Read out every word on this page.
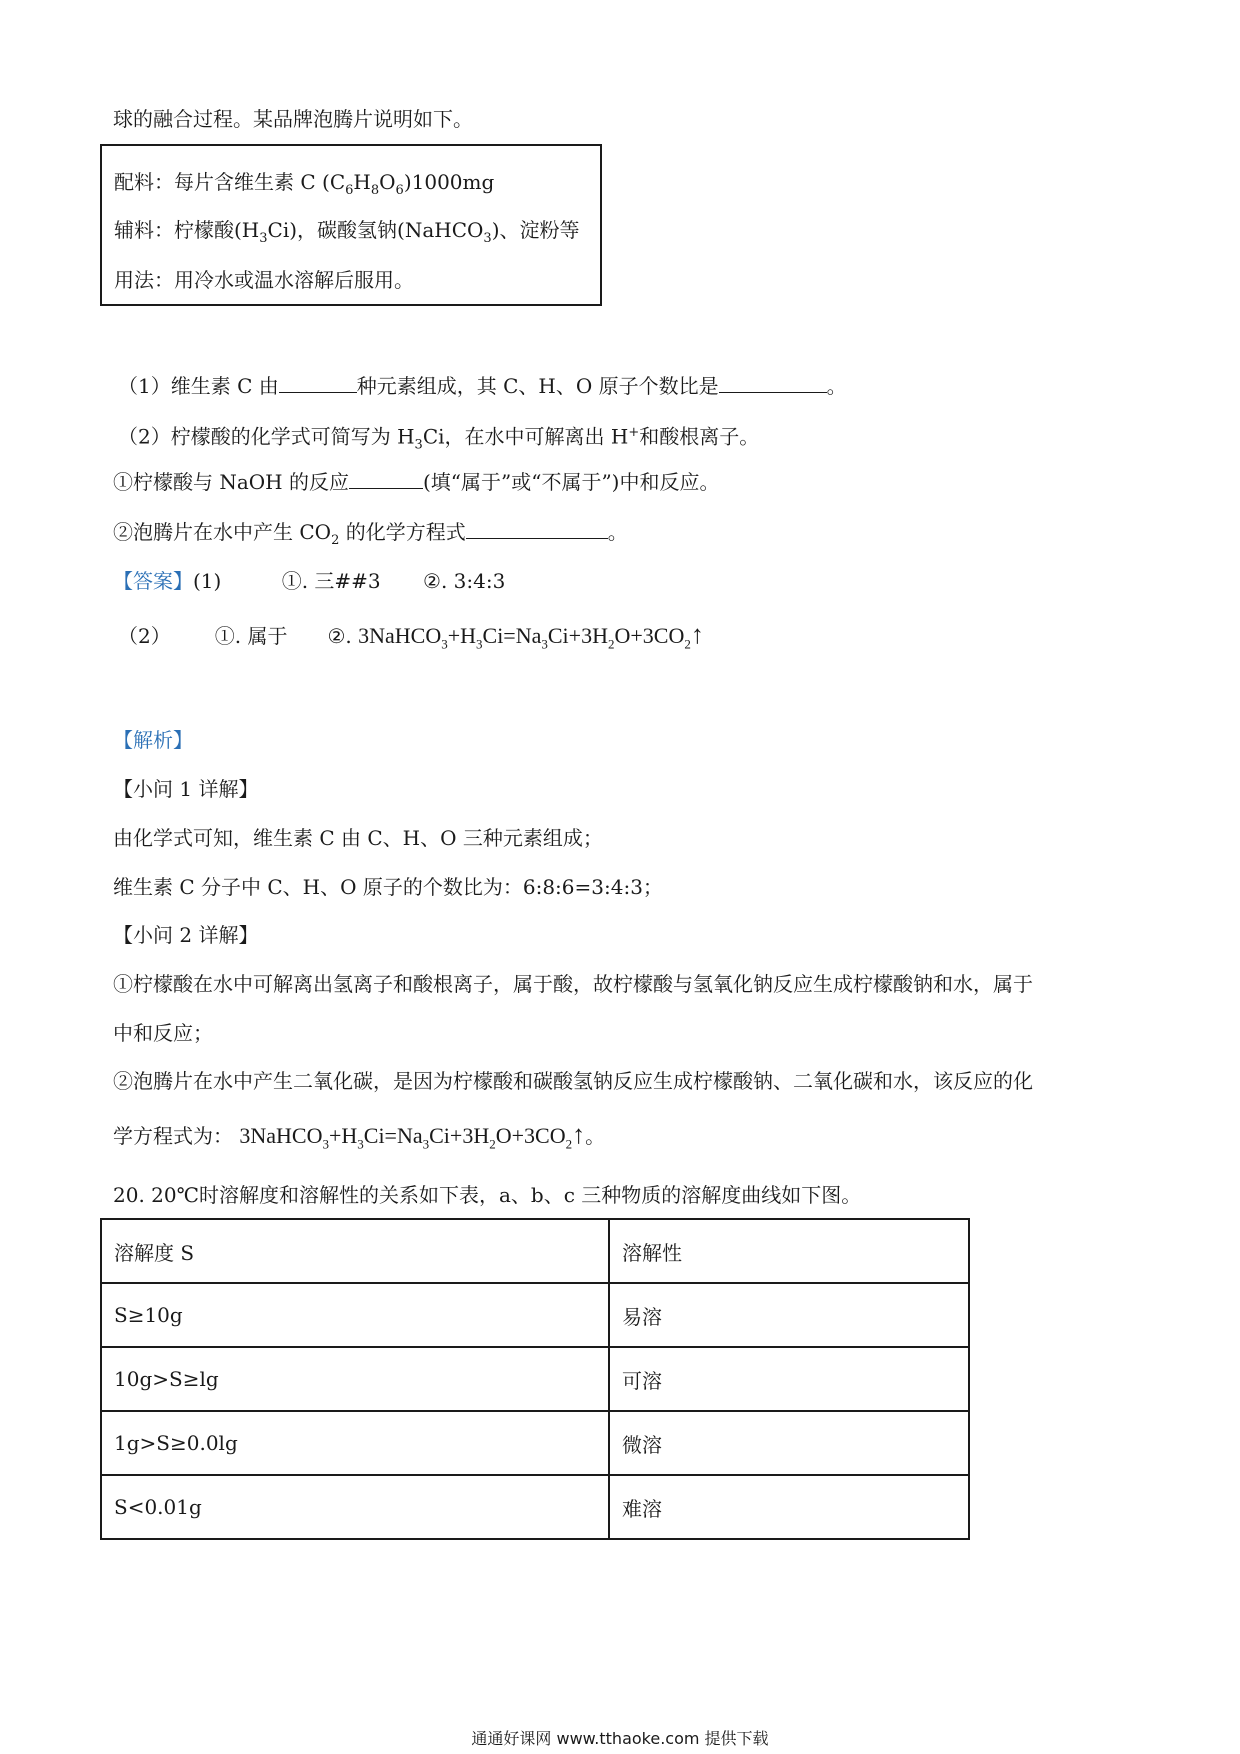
球的融合过程。某品牌泡腾片说明如下。
配料：每片含维生素 C $(C_6H_8O_6)1000mg$
辅料：柠檬酸$(H_3Ci)$，碳酸氢钠(NaHCO$_3$)、淀粉等
用法：用冷水或温水溶解后服用。
（1）维生素 C 由	种元素组成，其 C、H、O 原子个数比是	。
（2）柠檬酸的化学式可简写为 $H_3Ci$，在水中可解离出 H+和酸根离子。
①柠檬酸与 NaOH 的反应	(填“属于”或“不属于”)中和反应。
②泡腾片在水中产生 $CO_2$ 的化学方程式	。
【答案】(1)	①. 三##3 ②. 3:4:3
（2） ①. 属于 ②. $3NaHCO_3+H_3Ci=Na_3Ci+3H_2O+3CO_2↑$
【解析】
【小问 1 详解】
由化学式可知，维生素 C 由 C、H、O 三种元素组成；
维生素 C 分子中 C、H、O 原子的个数比为：6:8:6=3:4:3；
【小问 2 详解】
①柠檬酸在水中可解离出氢离子和酸根离子，属于酸，故柠檬酸与氢氧化钠反应生成柠檬酸钠和水，属于
中和反应；
②泡腾片在水中产生二氧化碳，是因为柠檬酸和碳酸氢钠反应生成柠檬酸钠、二氧化碳和水，该反应的化
学方程式为： $3NaHCO_3+H_3Ci=Na_3Ci+3H_2O+3CO_2↑$。
20. 20℃时溶解度和溶解性的关系如下表，a、b、c 三种物质的溶解度曲线如下图。
溶解度 S	溶解性
S≥10g	易溶
10g>S≥lg	可溶
1g>S≥0.0lg	微溶
S<0.01g	难溶
通通好课网 www.tthaoke.com 提供下载
